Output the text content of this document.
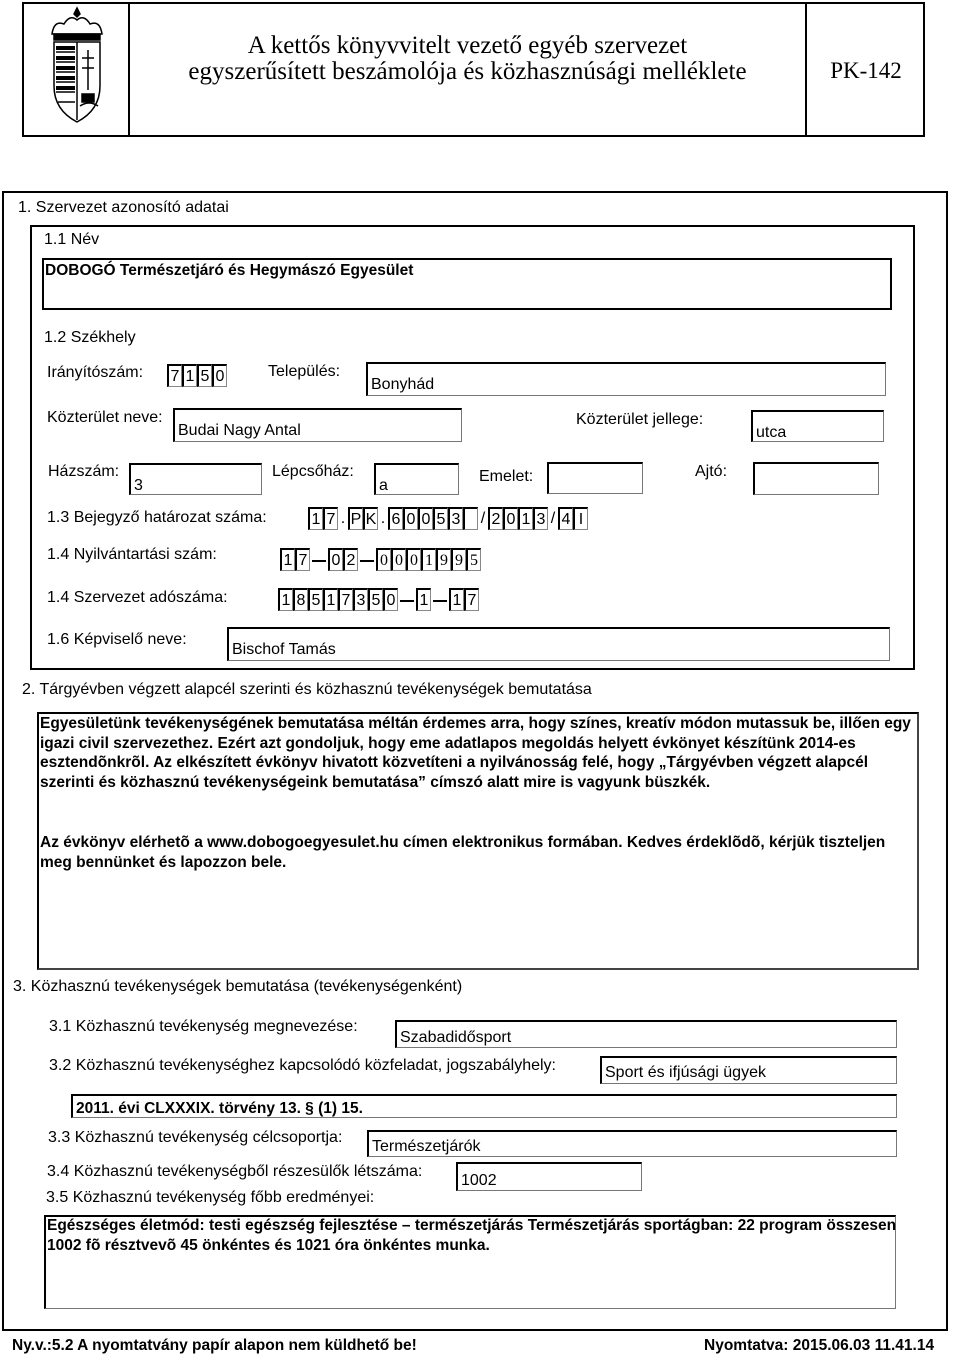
A kettős könyvvitelt vezető egyéb szervezet
egyszerűsített beszámolója és közhasznúsági melléklete	PK-142
1. Szervezet azonosító adatai
1.1 Név
DOBOGÓ Természetjáró és Hegymászó Egyesület
1.2 Székhely
Irányítószám: 7 1 5 0	Település:
Bonyhád
Közterület neve:
Budai Nagy Antal
Közterület jellege:
utca
Házszám:
3
Lépcsőház:
a
Emelet:	Ajtó:
1.3 Bejegyző határozat száma:	1 7 . P K . 6 0 0 5 3 / 2 0 1 3 / 4 I
1.4 Nyilvántartási szám:	1 7 0 2 0 0 0 1 9 9 5
1.4 Szervezet adószáma:	1 8 5 1 7 3 5 0 1 1 7
1.6 Képviselő neve:
Bischof Tamás
2. Tárgyévben végzett alapcél szerinti és közhasznú tevékenységek bemutatása
Egyesületünk tevékenységének bemutatása méltán érdemes arra, hogy színes, kreatív módon mutassuk be, illően egy igazi civil szervezethez. Ezért azt gondoljuk, hogy eme adatlapos megoldás helyett évkönyet készítünk 2014-es esztendõnkrõl. Az elkészített évkönyv hivatott közvetíteni a nyilvánosság felé, hogy „Tárgyévben végzett alapcél szerinti és közhasznú tevékenységeink bemutatása” címszó alatt mire is vagyunk büszkék.
Az évkönyv elérhetõ a www.dobogoegyesulet.hu címen elektronikus formában. Kedves érdeklõdõ, kérjük tiszteljen meg bennünket és lapozzon bele.
3. Közhasznú tevékenységek bemutatása (tevékenységenként)
3.1 Közhasznú tevékenység megnevezése:
Szabadidősport
3.2 Közhasznú tevékenységhez kapcsolódó közfeladat, jogszabályhely:	Sport és ifjúsági ügyek
2011. évi CLXXXIX. törvény 13. § (1) 15.
3.3 Közhasznú tevékenység célcsoportja:
Természetjárók
3.4 Közhasznú tevékenységből részesülők létszáma:
1002
3.5 Közhasznú tevékenység főbb eredményei:
Egészséges életmód: testi egészség fejlesztése – természetjárás Természetjárás sportágban: 22 program összesen 1002 fõ résztvevõ 45 önkéntes és 1021 óra önkéntes munka.
Ny.v.:5.2 A nyomtatvány papír alapon nem küldhető be!	Nyomtatva: 2015.06.03 11.41.14
